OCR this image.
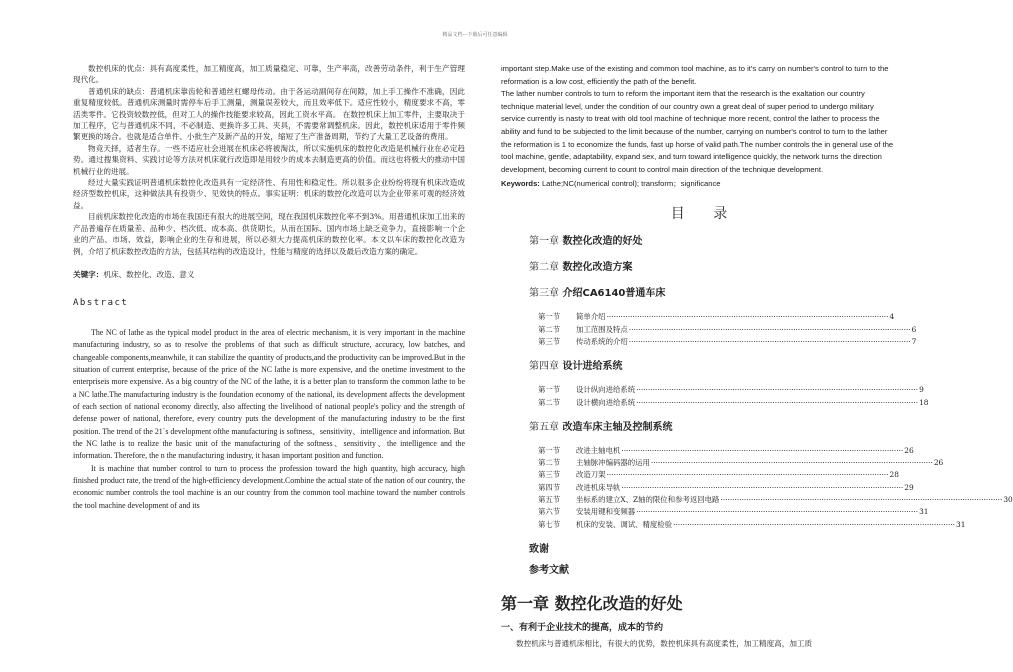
精品文档---下载后可任意编辑

数控机床的优点：具有高度柔性，加工精度高，加工质量稳定、可靠，生产率高，改善劳动条件，利于生产管理现代化。

普通机床的缺点：普通机床靠齿轮和普通丝杠螺母传动。由于各运动副间存在间隙，加上手工操作不准确，因此重复精度较低。普通机床测量时需停车后手工测量，测量误差较大，而且效率低下。适应性较小，精度要求不高，零活类零件。它投资较数控低，但对工人的操作技能要求较高，因此工资水平高。 在数控机床上加工零件，主要取决于加工程序，它与普通机床不同，不必制造、更换许多工具、夹具，不需要常调整机床。因此，数控机床适用于零件频繁更换的场合。也就是适合单件、小批生产及新产品的开发，缩短了生产准备周期，节约了大量工艺设备的费用。

物竞天择，适者生存。一些不适应社会进展在机床必将被淘汰，所以实施机床的数控化改造是机械行业在必定趋势。通过搜集资料、实践讨论等方法对机床就行改造即是用较少的成本去制造更高的价值。而这也将极大的推动中国机械行业的进展。

经过大量实践证明普通机床数控化改造具有一定经济性、有用性和稳定性。所以很多企业纷纷将现有机床改造成经济型数控机床，这种做法具有投资少、见效快的特点。事实证明：机床的数控化改造可以为企业带来可观的经济效益。

目前机床数控化改造的市场在我国还有很大的进展空间，现在我国机床数控化率不到3%。用普通机床加工出来的产品普遍存在质量差、品种少、档次低、成本高、供货期长，从而在国际、国内市场上缺乏竞争力，直接影响一个企业的产品、市场、效益，影响企业的生存和进展，所以必须大力提高机床的数控化率。本文以车床的数控化改造为例，介绍了机床数控改造的方法，包括其结构的改造设计，性能与精度的选择以及最后改造方案的确定。

关键字：机床、数控化、改造、意义

Abstract

The NC of lathe as the typical model product in the area of electric mechanism, it is very important in the machine manufacturing industry, so as to resolve the problems of that such as difficult structure, accuracy, low batches, and changeable components,meanwhile, it can stabilize the quantity of products,and the productivity can be improved.But in the situation of current enterprise, because of the price of the NC lathe is more expensive, and the onetime investment to the enterpriseis more expensive. As a big country of the NC of the lathe, it is a better plan to transform the common lathe to be a NC lathe.The manufacturing industry is the foundation economy of the national, its development affects the development of each section of national economy directly, also affecting the livelihood of national people's policy and the strength of defense power of national, therefore, every country puts the development of the manufacturing industry to be the first position. The trend of the 21`s development ofthe manufacturing is softness、sensitivity、intelligence and information. But the NC lathe is to realize the basic unit of the manufacturing of the softness、sensitivity、the intelligence and the information. Therefore, the n the manufacturing industry, it hasan important position and function.

It is machine that number control to turn to process the profession toward the high quantity, high accuracy, high finished product rate, the trend of the high-efficiency development.Combine the actual state of the nation of our country, the economic number controls the tool machine is an our country from the common tool machine toward the number controls the tool machine development of and its

important step.Make use of the existing and common tool machine, as to it's carry on number's control to turn to the reformation is a low cost, efficiently the path of the benefit.

The lather number controls to turn to reform the important item that the research is the exaltation our country technique material level, under the condition of our country own a great deal of super period to undergo military service currently is nasty to treat with old tool machine of technique more recent, control the lather to process the ability and fund to be subjected to the limit because of the number, carrying on number's control to turn to the lather the reformation is 1 to economize the funds, fast up horse of valid path.The number controls the in general use of the tool machine, gentle, adaptability, expand sex, and turn toward intelligence quickly, the network turns the direction development, becoming current to count to control main direction of the technique development.

Keywords: Lathe;NC(numerical control); transform；significance

目 录
第一章 数控化改造的好处
第二章 数控化改造方案
第三章 介绍CA6140普通车床
第一节	简单介绍 ························································································································ 4
第二节	加工范围及特点 ························································································································ 6
第三节	传动系统的介绍 ························································································································ 7
第四章 设计进给系统
第一节	设计纵向进给系统 ························································································································ 9
第二节	设计横向进给系统 ························································································································ 18
第五章 改造车床主轴及控制系统
第一节	改进主轴电机 ························································································································ 26
第二节	主轴脉冲编码器的运用 ························································································································ 26
第三节	改造刀架 ························································································································ 28
第四节	改进机床导轨 ························································································································ 29
第五节	坐标系的建立X、Z轴的限位和参考返回电路 ························································································································ 30
第六节	安装用键和变频器 ························································································································ 31
第七节	机床的安装、调试、精度检验 ························································································································ 31
致谢
参考文献
第一章 数控化改造的好处
一、有利于企业技术的提高，成本的节约

数控机床与普通机床相比，有很大的优势，数控机床具有高度柔性，加工精度高，加工质
